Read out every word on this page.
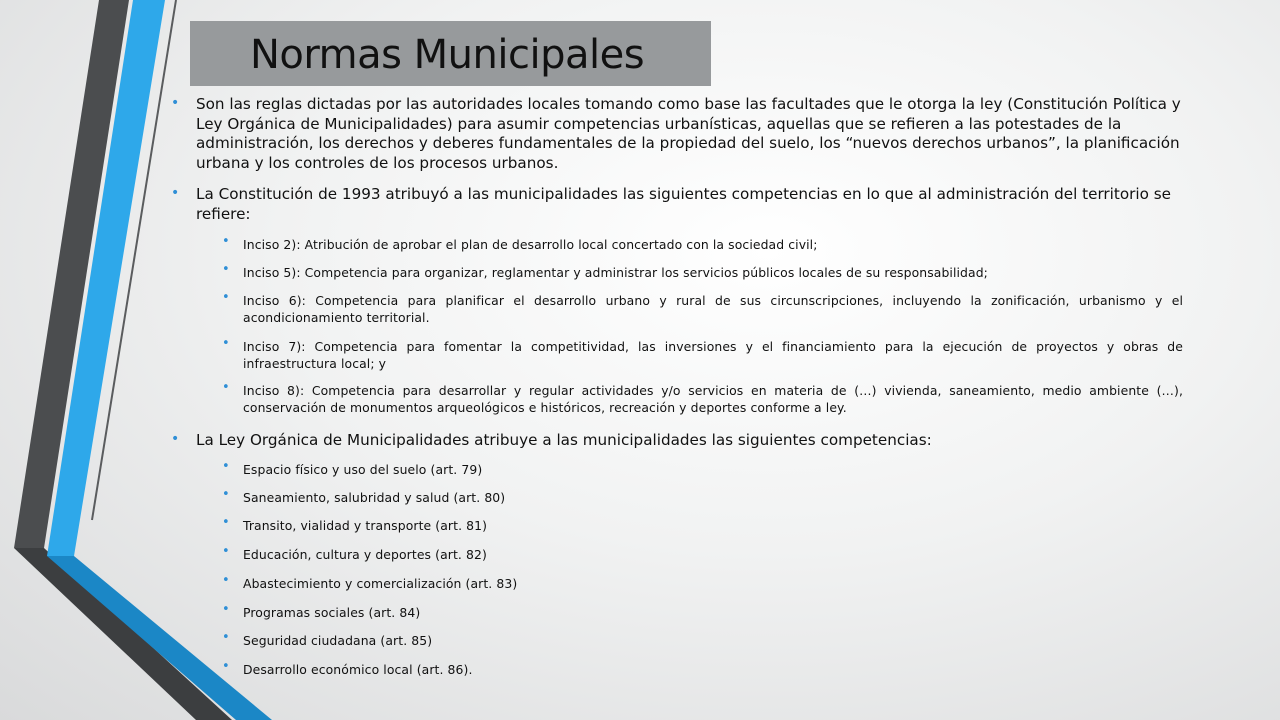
Normas Municipales
• Son las reglas dictadas por las autoridades locales tomando como base las facultades que le otorga la ley (Constitución Política y Ley Orgánica de Municipalidades) para asumir competencias urbanísticas, aquellas que se refieren a las potestades de la administración, los derechos y deberes fundamentales de la propiedad del suelo, los “nuevos derechos urbanos”, la planificación urbana y los controles de los procesos urbanos.
• La Constitución de 1993 atribuyó a las municipalidades las siguientes competencias en lo que al administración del territorio se refiere:
• Inciso 2): Atribución de aprobar el plan de desarrollo local concertado con la sociedad civil;
• Inciso 5): Competencia para organizar, reglamentar y administrar los servicios públicos locales de su responsabilidad;
• Inciso 6): Competencia para planificar el desarrollo urbano y rural de sus circunscripciones, incluyendo la zonificación, urbanismo y el acondicionamiento territorial.
• Inciso 7): Competencia para fomentar la competitividad, las inversiones y el financiamiento para la ejecución de proyectos y obras de infraestructura local; y
• Inciso 8): Competencia para desarrollar y regular actividades y/o servicios en materia de (…) vivienda, saneamiento, medio ambiente (…), conservación de monumentos arqueológicos e históricos, recreación y deportes conforme a ley.
• La Ley Orgánica de Municipalidades atribuye a las municipalidades las siguientes competencias:
• Espacio físico y uso del suelo (art. 79)
• Saneamiento, salubridad y salud (art. 80)
• Transito, vialidad y transporte (art. 81)
• Educación, cultura y deportes (art. 82)
• Abastecimiento y comercialización (art. 83)
• Programas sociales (art. 84)
• Seguridad ciudadana (art. 85)
• Desarrollo económico local (art. 86).
